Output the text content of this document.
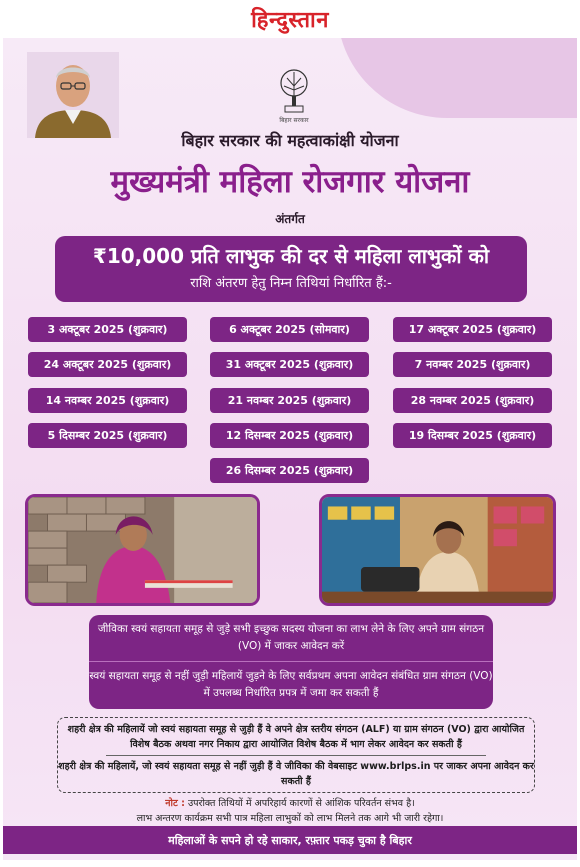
हिन्दुस्तान
बिहार सरकार
बिहार सरकार की महत्वाकांक्षी योजना
मुख्यमंत्री महिला रोजगार योजना
अंतर्गत
₹10,000 प्रति लाभुक की दर से महिला लाभुकों को
राशि अंतरण हेतु निम्न तिथियां निर्धारित हैं:-
3 अक्टूबर 2025 (शुक्रवार)	6 अक्टूबर 2025 (सोमवार)	17 अक्टूबर 2025 (शुक्रवार)
24 अक्टूबर 2025 (शुक्रवार)	31 अक्टूबर 2025 (शुक्रवार)	7 नवम्बर 2025 (शुक्रवार)
14 नवम्बर 2025 (शुक्रवार)	21 नवम्बर 2025 (शुक्रवार)	28 नवम्बर 2025 (शुक्रवार)
5 दिसम्बर 2025 (शुक्रवार)	12 दिसम्बर 2025 (शुक्रवार)	19 दिसम्बर 2025 (शुक्रवार)
26 दिसम्बर 2025 (शुक्रवार)
जीविका स्वयं सहायता समूह से जुड़े सभी इच्छुक सदस्य योजना का लाभ लेने के लिए अपने ग्राम संगठन (VO) में जाकर आवेदन करें
स्वयं सहायता समूह से नहीं जुड़ी महिलायें जुड़ने के लिए सर्वप्रथम अपना आवेदन संबंधित ग्राम संगठन (VO) में उपलब्ध निर्धारित प्रपत्र में जमा कर सकती हैं
शहरी क्षेत्र की महिलायें जो स्वयं सहायता समूह से जुड़ी हैं वे अपने क्षेत्र स्तरीय संगठन (ALF) या ग्राम संगठन (VO) द्वारा आयोजित विशेष बैठक अथवा नगर निकाय द्वारा आयोजित विशेष बैठक में भाग लेकर आवेदन कर सकती हैं
शहरी क्षेत्र की महिलायें, जो स्वयं सहायता समूह से नहीं जुड़ी हैं वे जीविका की वेबसाइट www.brlps.in पर जाकर अपना आवेदन कर सकती हैं
नोट : उपरोक्त तिथियों में अपरिहार्य कारणों से आंशिक परिवर्तन संभव है।
लाभ अन्तरण कार्यक्रम सभी पात्र महिला लाभुकों को लाभ मिलने तक आगे भी जारी रहेगा।
महिलाओं के सपने हो रहे साकार, रफ़्तार पकड़ चुका है बिहार
